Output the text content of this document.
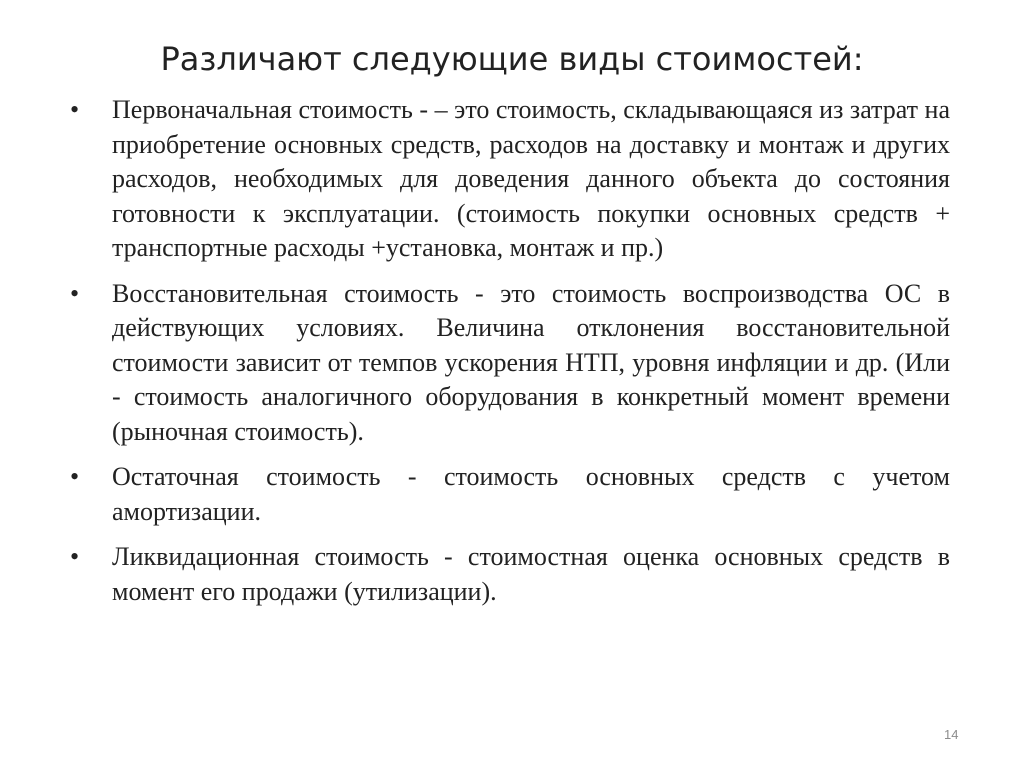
Различают следующие виды стоимостей:
•	Первоначальная стоимость - – это стоимость, складывающаяся из затрат на приобретение основных средств, расходов на доставку и монтаж и других расходов, необходимых для доведения данного объекта до состояния готовности к эксплуатации. (стоимость покупки основных средств + транспортные расходы +установка, монтаж и пр.)
•	Восстановительная стоимость - это стоимость воспроизводства ОС в действующих условиях. Величина отклонения восстановительной стоимости зависит от темпов ускорения НТП, уровня инфляции и др. (Или - стоимость аналогичного оборудования в конкретный момент времени (рыночная стоимость).
•	Остаточная стоимость - стоимость основных средств с учетом амортизации.
•	Ликвидационная стоимость - стоимостная оценка основных средств в момент его продажи (утилизации).
14
